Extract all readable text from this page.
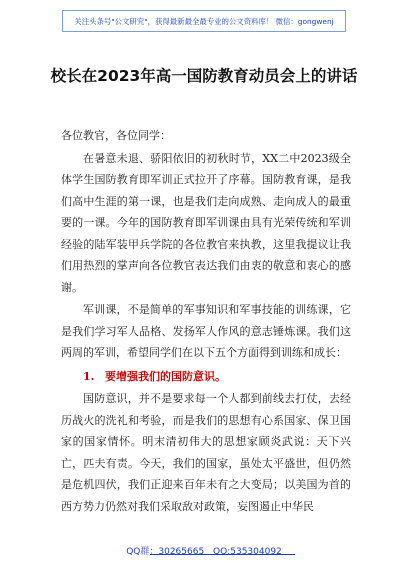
关注头条号"公文研究"，获得最新最全最专业的公文资料库！ 微信：gongwenj
校长在2023年高一国防教育动员会上的讲话

各位教官，各位同学：

在暑意未退、骄阳依旧的初秋时节，XX二中2023级全体学生国防教育即军训正式拉开了序幕。国防教育课，是我们高中生涯的第一课，也是我们走向成熟、走向成人的最重要的一课。今年的国防教育即军训课由具有光荣传统和军训经验的陆军装甲兵学院的各位教官来执教，这里我提议让我们用热烈的掌声向各位教官表达我们由衷的敬意和衷心的感谢。

军训课，不是简单的军事知识和军事技能的训练课，它是我们学习军人品格、发扬军人作风的意志锤炼课。我们这两周的军训，希望同学们在以下五个方面得到训练和成长：

1. 要增强我们的国防意识。

国防意识，并不是要求每一个人都到前线去打仗，去经历战火的洗礼和考验，而是我们的思想有心系国家、保卫国家的国家情怀。明末清初伟大的思想家顾炎武说：天下兴亡，匹夫有责。今天，我们的国家，虽处太平盛世，但仍然是危机四伏，我们正迎来百年未有之大变局；以美国为首的西方势力仍然对我们采取敌对政策，妄图遏止中华民

QQ群：30265665 QQ:535304092
